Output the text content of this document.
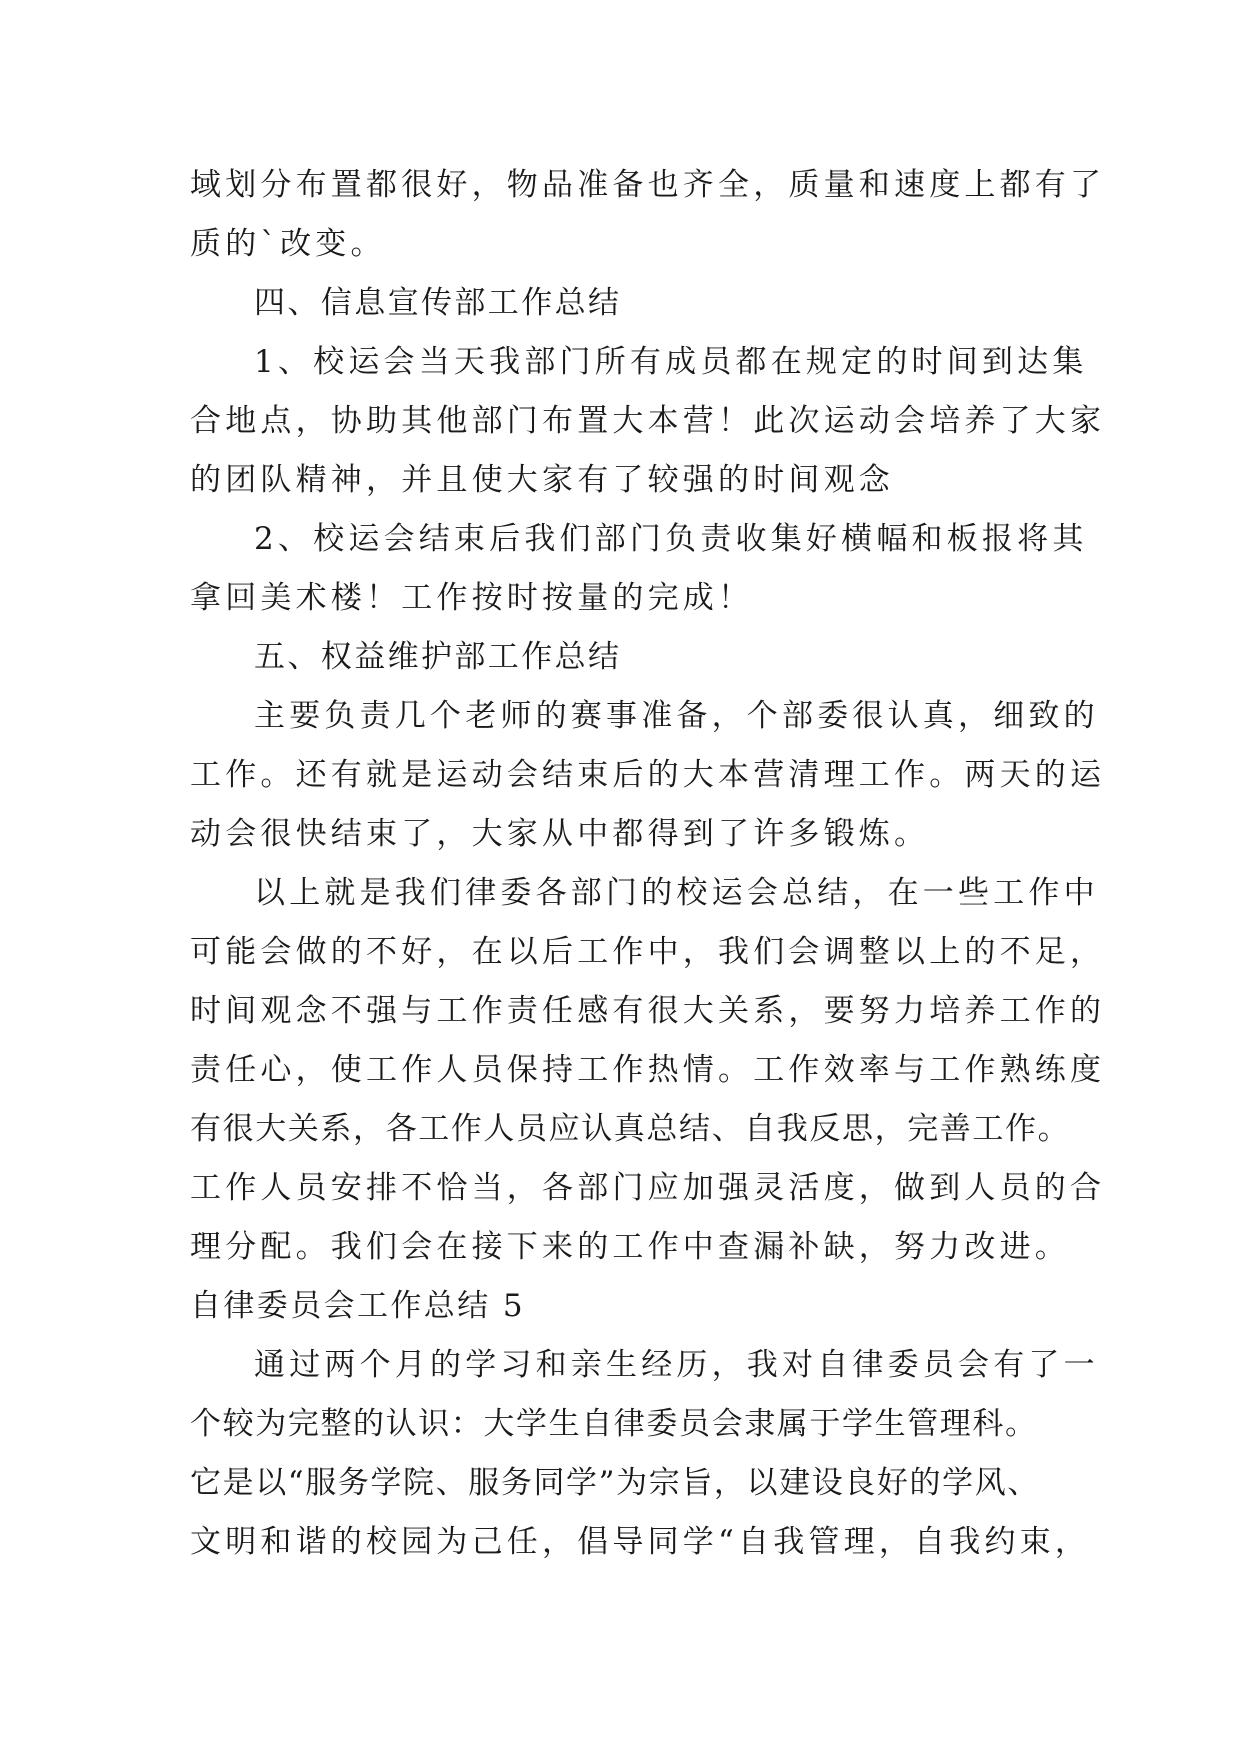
域划分布置都很好，物品准备也齐全，质量和速度上都有了
质的`改变。
四、信息宣传部工作总结
1、校运会当天我部门所有成员都在规定的时间到达集
合地点，协助其他部门布置大本营！此次运动会培养了大家
的团队精神，并且使大家有了较强的时间观念
2、校运会结束后我们部门负责收集好横幅和板报将其
拿回美术楼！工作按时按量的完成！
五、权益维护部工作总结
主要负责几个老师的赛事准备，个部委很认真，细致的
工作。还有就是运动会结束后的大本营清理工作。两天的运
动会很快结束了，大家从中都得到了许多锻炼。
以上就是我们律委各部门的校运会总结，在一些工作中
可能会做的不好，在以后工作中，我们会调整以上的不足，
时间观念不强与工作责任感有很大关系，要努力培养工作的
责任心，使工作人员保持工作热情。工作效率与工作熟练度
有很大关系，各工作人员应认真总结、自我反思，完善工作。
工作人员安排不恰当，各部门应加强灵活度，做到人员的合
理分配。我们会在接下来的工作中查漏补缺，努力改进。
自律委员会工作总结 5
通过两个月的学习和亲生经历，我对自律委员会有了一
个较为完整的认识：大学生自律委员会隶属于学生管理科。
它是以“服务学院、服务同学”为宗旨，以建设良好的学风、
文明和谐的校园为己任，倡导同学“自我管理，自我约束，
